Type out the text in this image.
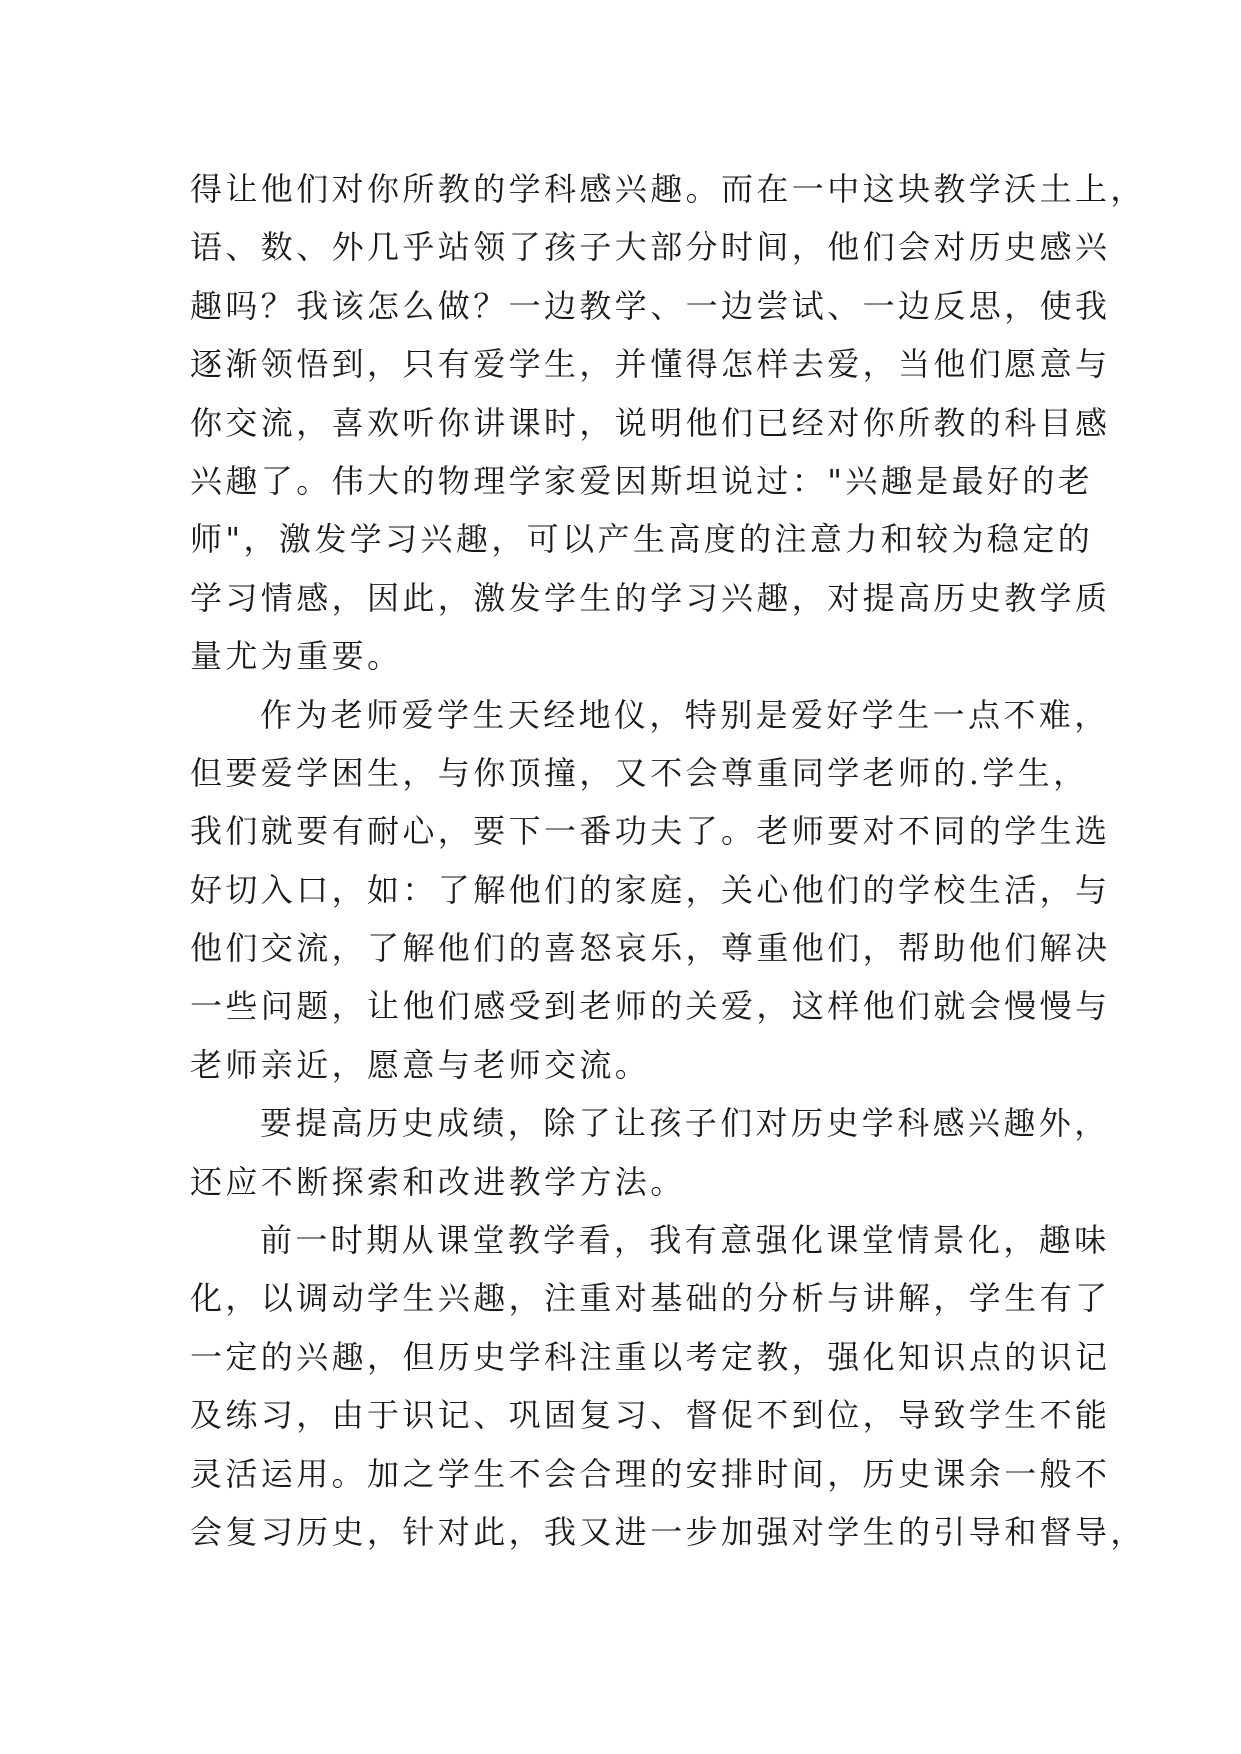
得让他们对你所教的学科感兴趣。而在一中这块教学沃土上，
语、数、外几乎站领了孩子大部分时间，他们会对历史感兴
趣吗？我该怎么做？一边教学、一边尝试、一边反思，使我
逐渐领悟到，只有爱学生，并懂得怎样去爱，当他们愿意与
你交流，喜欢听你讲课时，说明他们已经对你所教的科目感
兴趣了。伟大的物理学家爱因斯坦说过："兴趣是最好的老
师"，激发学习兴趣，可以产生高度的注意力和较为稳定的
学习情感，因此，激发学生的学习兴趣，对提高历史教学质
量尤为重要。
作为老师爱学生天经地仪，特别是爱好学生一点不难，
但要爱学困生，与你顶撞，又不会尊重同学老师的.学生，
我们就要有耐心，要下一番功夫了。老师要对不同的学生选
好切入口，如：了解他们的家庭，关心他们的学校生活，与
他们交流，了解他们的喜怒哀乐，尊重他们，帮助他们解决
一些问题，让他们感受到老师的关爱，这样他们就会慢慢与
老师亲近，愿意与老师交流。
要提高历史成绩，除了让孩子们对历史学科感兴趣外，
还应不断探索和改进教学方法。
前一时期从课堂教学看，我有意强化课堂情景化，趣味
化，以调动学生兴趣，注重对基础的分析与讲解，学生有了
一定的兴趣，但历史学科注重以考定教，强化知识点的识记
及练习，由于识记、巩固复习、督促不到位，导致学生不能
灵活运用。加之学生不会合理的安排时间，历史课余一般不
会复习历史，针对此，我又进一步加强对学生的引导和督导，
